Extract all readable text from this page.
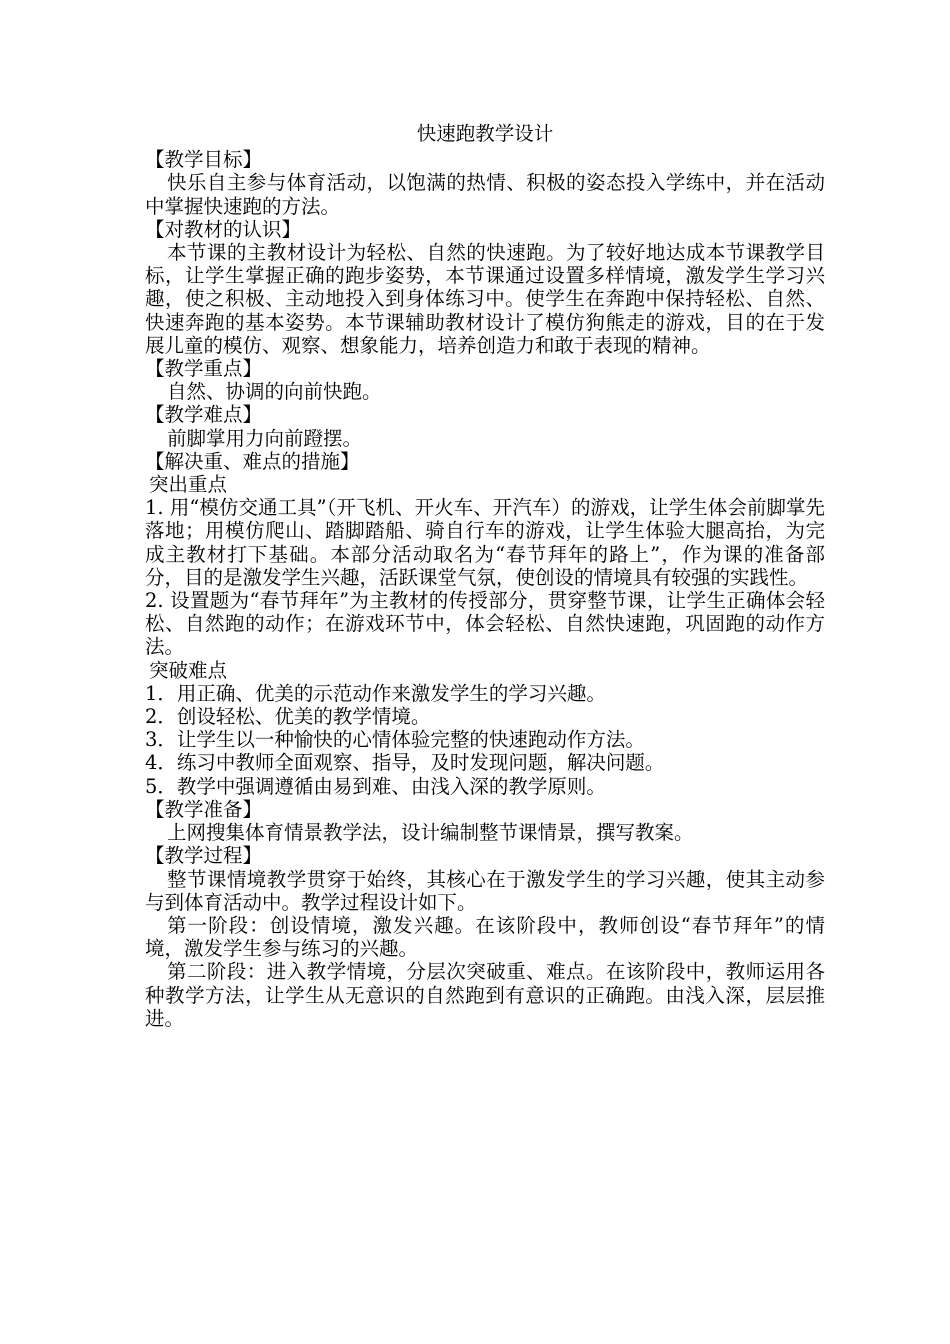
快速跑教学设计
【教学目标】
快乐自主参与体育活动，以饱满的热情、积极的姿态投入学练中，并在活动中掌握快速跑的方法。
【对教材的认识】
本节课的主教材设计为轻松、自然的快速跑。为了较好地达成本节课教学目标，让学生掌握正确的跑步姿势，本节课通过设置多样情境，激发学生学习兴趣，使之积极、主动地投入到身体练习中。使学生在奔跑中保持轻松、自然、快速奔跑的基本姿势。本节课辅助教材设计了模仿狗熊走的游戏，目的在于发展儿童的模仿、观察、想象能力，培养创造力和敢于表现的精神。
【教学重点】
自然、协调的向前快跑。
【教学难点】
前脚掌用力向前蹬摆。
【解决重、难点的措施】
突出重点
1. 用“模仿交通工具”（开飞机、开火车、开汽车）的游戏，让学生体会前脚掌先落地；用模仿爬山、踏脚踏船、骑自行车的游戏，让学生体验大腿高抬，为完成主教材打下基础。本部分活动取名为“春节拜年的路上”，作为课的准备部分，目的是激发学生兴趣，活跃课堂气氛，使创设的情境具有较强的实践性。
2. 设置题为“春节拜年”为主教材的传授部分，贯穿整节课，让学生正确体会轻松、自然跑的动作；在游戏环节中，体会轻松、自然快速跑，巩固跑的动作方法。
突破难点
1．用正确、优美的示范动作来激发学生的学习兴趣。
2．创设轻松、优美的教学情境。
3．让学生以一种愉快的心情体验完整的快速跑动作方法。
4．练习中教师全面观察、指导，及时发现问题，解决问题。
5．教学中强调遵循由易到难、由浅入深的教学原则。
【教学准备】
上网搜集体育情景教学法，设计编制整节课情景，撰写教案。
【教学过程】
整节课情境教学贯穿于始终，其核心在于激发学生的学习兴趣，使其主动参与到体育活动中。教学过程设计如下。
第一阶段：创设情境，激发兴趣。在该阶段中，教师创设“春节拜年”的情境，激发学生参与练习的兴趣。
第二阶段：进入教学情境，分层次突破重、难点。在该阶段中，教师运用各种教学方法，让学生从无意识的自然跑到有意识的正确跑。由浅入深，层层推进。
